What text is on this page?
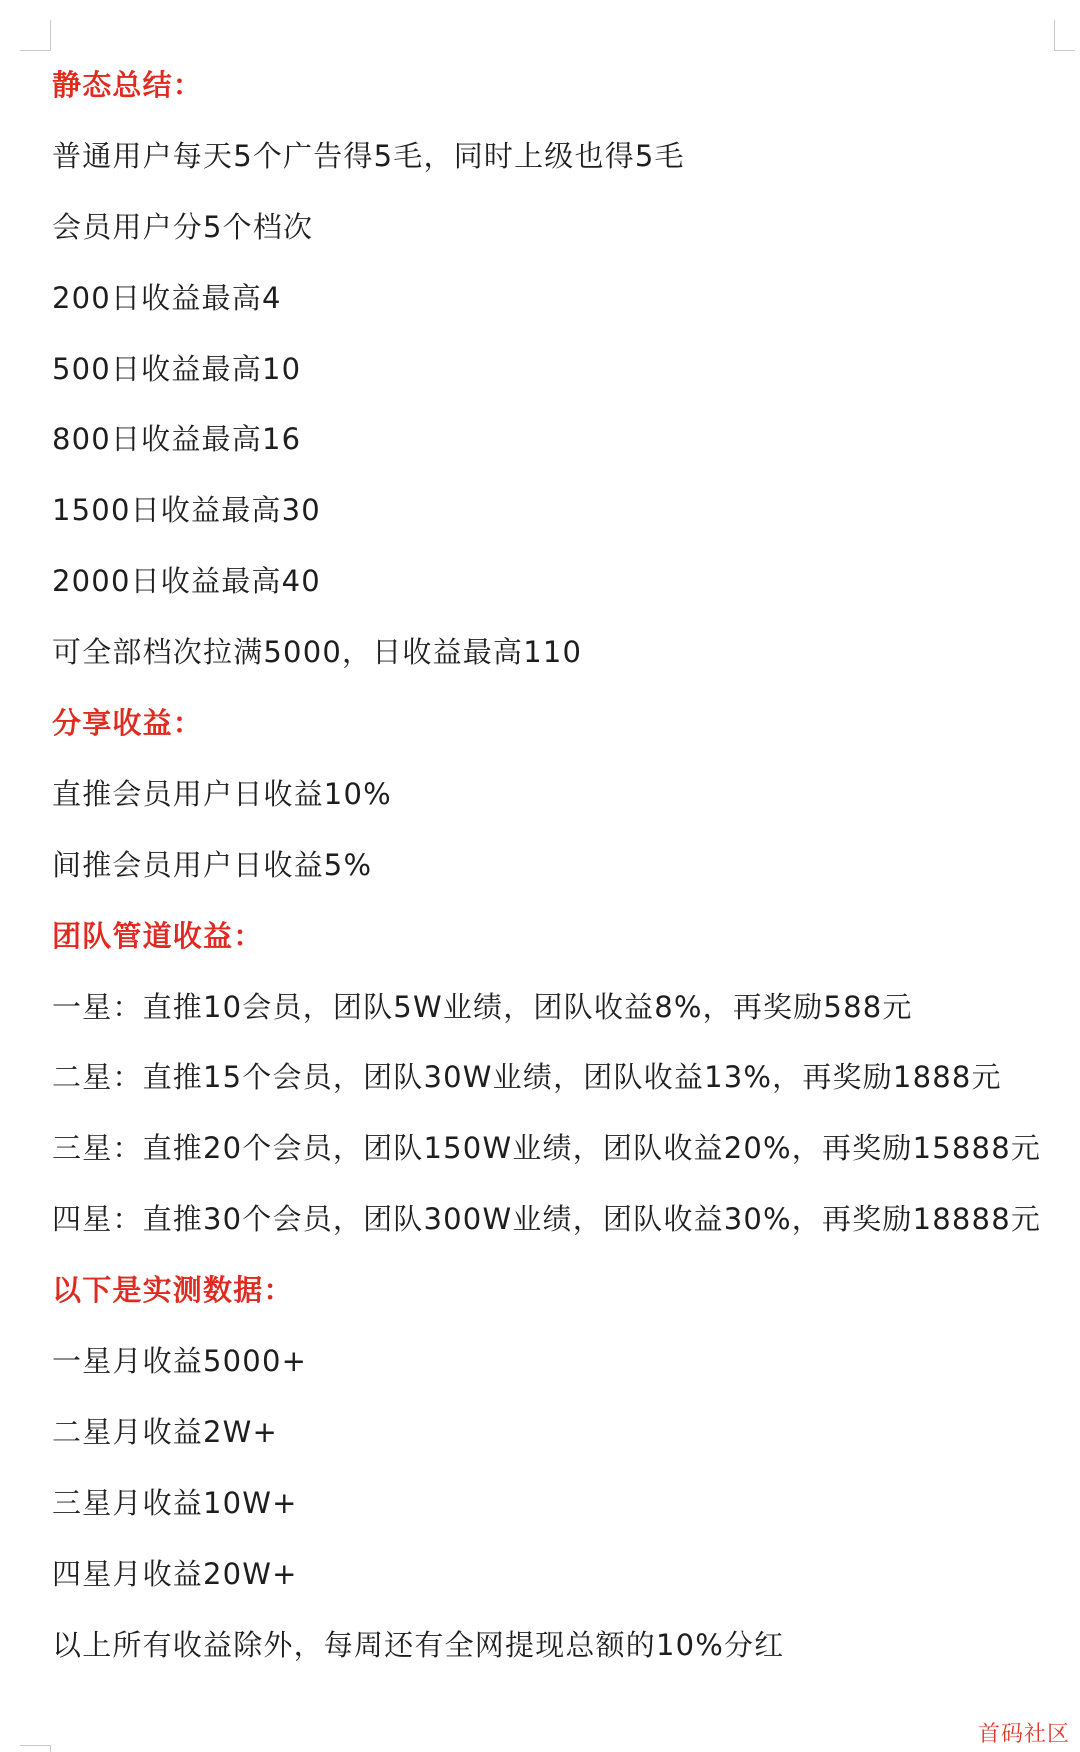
静态总结：
普通用户每天5个广告得5毛，同时上级也得5毛
会员用户分5个档次
200日收益最高4
500日收益最高10
800日收益最高16
1500日收益最高30
2000日收益最高40
可全部档次拉满5000，日收益最高110
分享收益：
直推会员用户日收益10%
间推会员用户日收益5%
团队管道收益：
一星：直推10会员，团队5W业绩，团队收益8%，再奖励588元
二星：直推15个会员，团队30W业绩，团队收益13%，再奖励1888元
三星：直推20个会员，团队150W业绩，团队收益20%，再奖励15888元
四星：直推30个会员，团队300W业绩，团队收益30%，再奖励18888元
以下是实测数据：
一星月收益5000+
二星月收益2W+
三星月收益10W+
四星月收益20W+
以上所有收益除外，每周还有全网提现总额的10%分红
首码社区
